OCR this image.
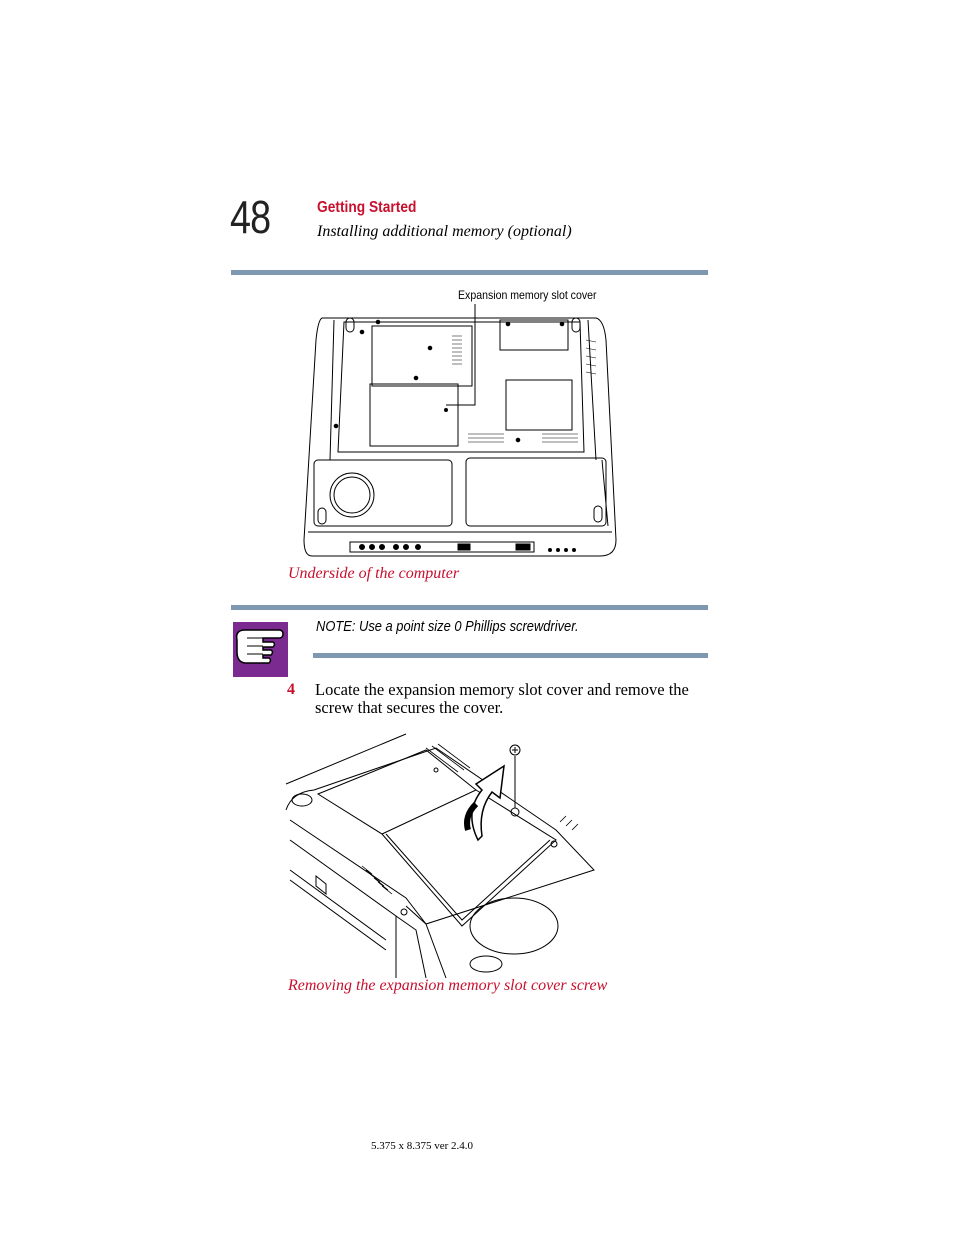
48	Getting Started
Installing additional memory (optional)
Expansion memory slot cover
Underside of the computer
NOTE: Use a point size 0 Phillips screwdriver.
4 Locate the expansion memory slot cover and remove the screw that secures the cover.
Removing the expansion memory slot cover screw
5.375 x 8.375 ver 2.4.0
